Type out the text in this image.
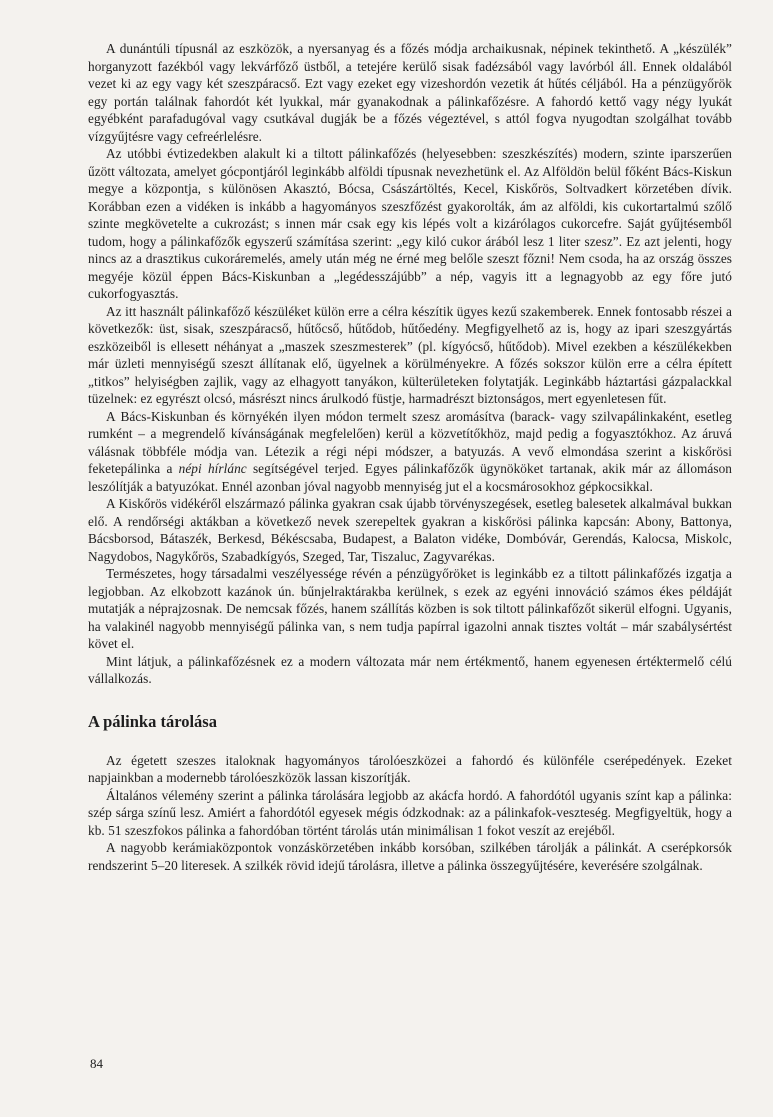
A dunántúli típusnál az eszközök, a nyersanyag és a főzés módja archaikusnak, népinek tekinthető. A „készülék” horganyzott fazékból vagy lekvárfőző üstből, a tetejére kerülő sisak fadézsából vagy lavórból áll. Ennek oldalából vezet ki az egy vagy két szeszpáracső. Ezt vagy ezeket egy vizeshordón vezetik át hűtés céljából. Ha a pénzügyőrök egy portán találnak fahordót két lyukkal, már gyanakodnak a pálinkafőzésre. A fahordó kettő vagy négy lyukát egyébként parafadugóval vagy csutkával dugják be a főzés végeztével, s attól fogva nyugodtan szolgálhat tovább vízgyűjtésre vagy cefreérlelésre.

Az utóbbi évtizedekben alakult ki a tiltott pálinkafőzés (helyesebben: szeszkészítés) modern, szinte iparszerűen űzött változata, amelyet gócpontjáról leginkább alföldi típusnak nevezhetünk el. Az Alföldön belül főként Bács-Kiskun megye a központja, s különösen Akasztó, Bócsa, Császártöltés, Kecel, Kiskőrös, Soltvadkert körzetében dívik. Korábban ezen a vidéken is inkább a hagyományos szeszfőzést gyakorolták, ám az alföldi, kis cukortartalmú szőlő szinte megkövetelte a cukrozást; s innen már csak egy kis lépés volt a kizárólagos cukorcefre. Saját gyűjtésemből tudom, hogy a pálinkafőzők egyszerű számítása szerint: „egy kiló cukor árából lesz 1 liter szesz”. Ez azt jelenti, hogy nincs az a drasztikus cukoráremelés, amely után még ne érné meg belőle szeszt főzni! Nem csoda, ha az ország összes megyéje közül éppen Bács-Kiskunban a „legédesszájúbb” a nép, vagyis itt a legnagyobb az egy főre jutó cukorfogyasztás.

Az itt használt pálinkafőző készüléket külön erre a célra készítik ügyes kezű szakemberek. Ennek fontosabb részei a következők: üst, sisak, szeszpáracső, hűtőcső, hűtődob, hűtőedény. Megfigyelhető az is, hogy az ipari szeszgyártás eszközeiből is ellesett néhányat a „maszek szeszmesterek” (pl. kígyócső, hűtődob). Mivel ezekben a készülékekben már üzleti mennyiségű szeszt állítanak elő, ügyelnek a körülményekre. A főzés sokszor külön erre a célra épített „titkos” helyiségben zajlik, vagy az elhagyott tanyákon, külterületeken folytatják. Leginkább háztartási gázpalackkal tüzelnek: ez egyrészt olcsó, másrészt nincs árulkodó füstje, harmadrészt biztonságos, mert egyenletesen fűt.

A Bács-Kiskunban és környékén ilyen módon termelt szesz aromásítva (barack- vagy szilvapálinkaként, esetleg rumként – a megrendelő kívánságának megfelelően) kerül a közvetítőkhöz, majd pedig a fogyasztókhoz. Az áruvá válásnak többféle módja van. Létezik a régi népi módszer, a batyuzás. A vevő elmondása szerint a kiskőrösi feketepálinka a népi hírlánc segítségével terjed. Egyes pálinkafőzők ügynököket tartanak, akik már az állomáson leszólítják a batyuzókat. Ennél azonban jóval nagyobb mennyiség jut el a kocsmárosokhoz gépkocsikkal.

A Kiskőrös vidékéről elszármazó pálinka gyakran csak újabb törvényszegések, esetleg balesetek alkalmával bukkan elő. A rendőrségi aktákban a következő nevek szerepeltek gyakran a kiskőrösi pálinka kapcsán: Abony, Battonya, Bácsborsod, Bátaszék, Berkesd, Békéscsaba, Budapest, a Balaton vidéke, Dombóvár, Gerendás, Kalocsa, Miskolc, Nagydobos, Nagykőrös, Szabadkígyós, Szeged, Tar, Tiszaluc, Zagyvarékas.

Természetes, hogy társadalmi veszélyessége révén a pénzügyőröket is leginkább ez a tiltott pálinkafőzés izgatja a legjobban. Az elkobzott kazánok ún. bűnjelraktárakba kerülnek, s ezek az egyéni innováció számos ékes példáját mutatják a néprajzosnak. De nemcsak főzés, hanem szállítás közben is sok tiltott pálinkafőzőt sikerül elfogni. Ugyanis, ha valakinél nagyobb mennyiségű pálinka van, s nem tudja papírral igazolni annak tisztes voltát – már szabálysértést követ el.

Mint látjuk, a pálinkafőzésnek ez a modern változata már nem értékmentő, hanem egyenesen értéktermelő célú vállalkozás.

A pálinka tárolása

Az égetett szeszes italoknak hagyományos tárolóeszközei a fahordó és különféle cserépedények. Ezeket napjainkban a modernebb tárolóeszközök lassan kiszorítják.

Általános vélemény szerint a pálinka tárolására legjobb az akácfa hordó. A fahordótól ugyanis színt kap a pálinka: szép sárga színű lesz. Amiért a fahordótól egyesek mégis ódzkodnak: az a pálinkafok-veszteség. Megfigyeltük, hogy a kb. 51 szeszfokos pálinka a fahordóban történt tárolás után minimálisan 1 fokot veszít az erejéből.

A nagyobb kerámiaközpontok vonzáskörzetében inkább korsóban, szilkében tárolják a pálinkát. A cserépkorsók rendszerint 5–20 literesek. A szilkék rövid idejű tárolásra, illetve a pálinka összegyűjtésére, keverésére szolgálnak.

84
